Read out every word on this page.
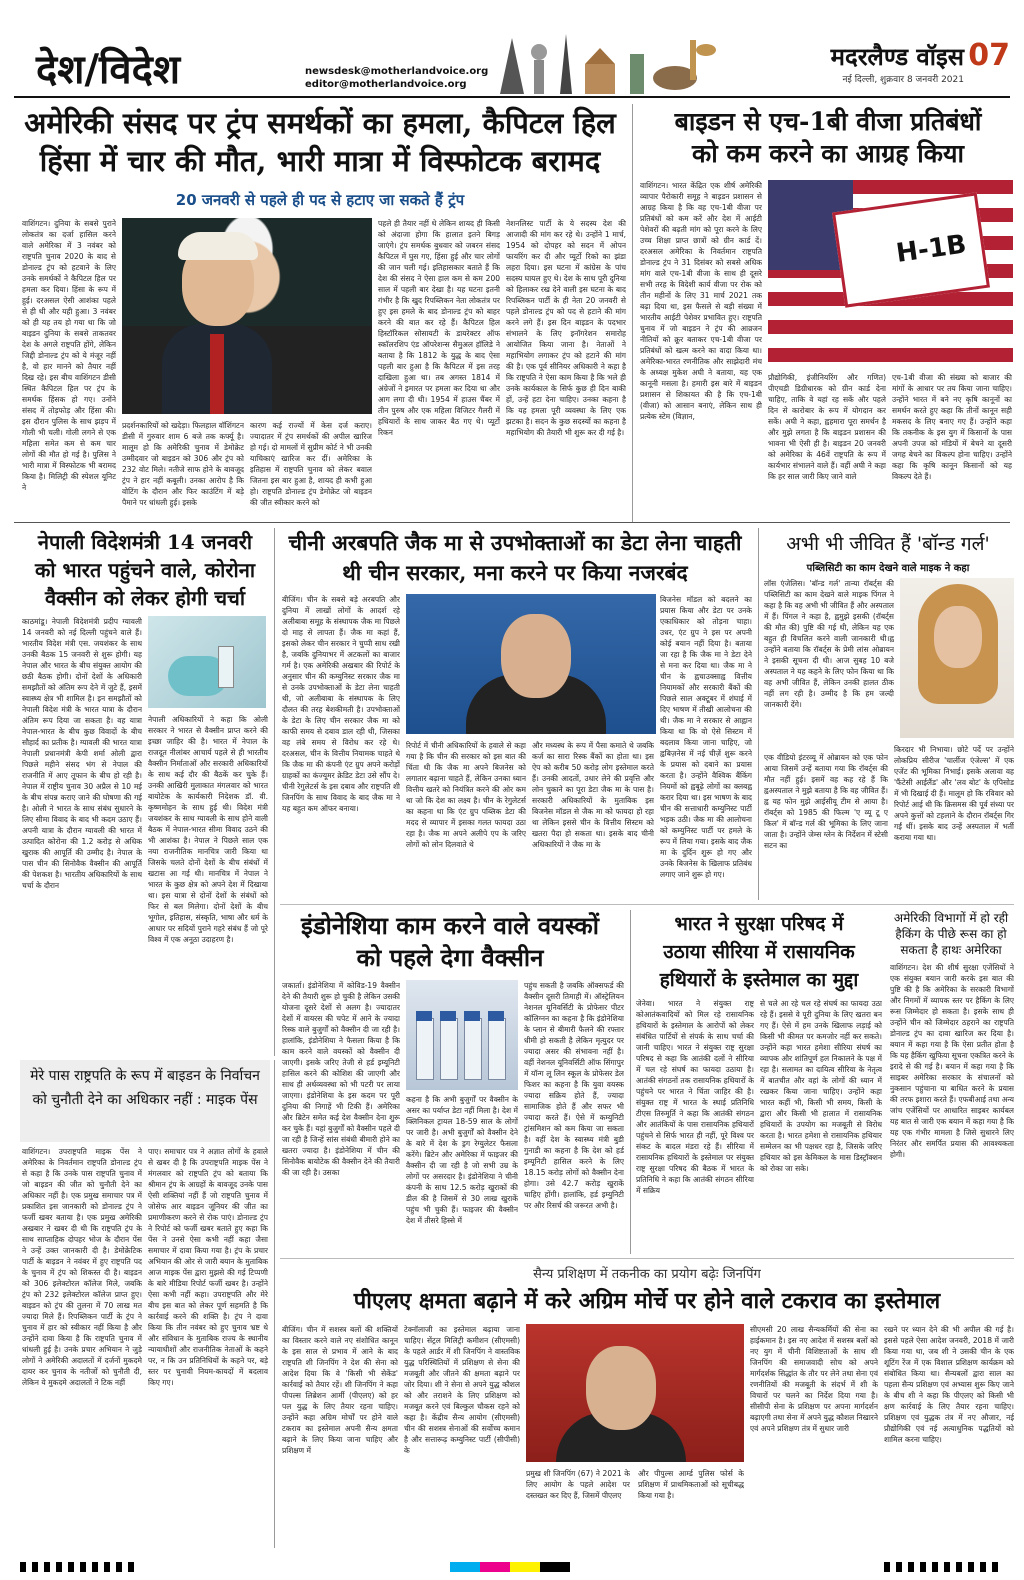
देश/विदेश	newsdesk@motherlandvoice.org
editor@motherlandvoice.org
मदरलैण्ड वॉइस 07
नई दिल्ली, शुक्रवार 8 जनवरी 2021
अमेरिकी संसद पर ट्रंप समर्थकों का हमला, कैपिटल हिल
हिंसा में चार की मौत, भारी मात्रा में विस्फोटक बरामद
20 जनवरी से पहले ही पद से हटाए जा सकते हैं ट्रंप
वाशिंगटन। दुनिया के सबसे पुराने लोकतंत्र का दर्जा हासिल करने वाले अमेरिका में 3 नवंबर को राष्ट्रपति चुनाव 2020 के बाद से डोनाल्ड ट्रंप को हटवाने के लिए उनके समर्थकों ने कैपिटल हिल पर हमला कर दिया। हिंसा के रूप में हुई। दरअसल ऐसी आशंका पहले से ही थी और यही हुआ। 3 नवंबर को ही यह तय हो गया था कि जो बाइडन दुनिया के सबसे ताकतवर देश के अगले राष्ट्रपति होंगे, लेकिन जिद्दी डोनाल्ड ट्रंप को ये मंजूर नहीं है, वो हार मानने को तैयार नहीं दिख रहे। इस बीच वाशिंगटन डीसी स्थित कैपिटल हिल पर ट्रंप के समर्थक हिंसक हो गए। उनोंने संसद में तोड़फोड़ और हिंसा की। इस दौरान पुलिस के साथ झड़प में गोली भी चली। गोली लगने से एक महिला समेत कम से कम चार लोगों की मौत हो गई है। पुलिस ने भारी मात्रा में विस्फोटक भी बरामद किया है। मिलिट्री की स्पेशल यूनिट ने
प्रदर्शनकारियों को खदेड़ा। फिलहाल वॉशिंगटन डीसी में गुरुवार शाम 6 बजे तक कर्फ्यू है। मालूम हो कि अमेरिकी चुनाव में डेमोक्रेट उम्मीदवार जो बाइडन को 306 और ट्रंप को 232 वोट मिले। नतीजे साफ होने के बावजूद ट्रंप ने हार नहीं कबूली। उनका आरोप है कि वोटिंग के दौरान और फिर काउंटिंग में बड़े पैमाने पर धांधली हुई। इसके
कारण कई राज्यों में केस दर्ज कराए। ज्यादातर में ट्रंप समर्थकों की अपील खारिज हो गई। दो मामलों में सुप्रीम कोर्ट ने भी उनकी याचिकाएं खारिज कर दीं। अमेरिका के इतिहास में राष्ट्रपति चुनाव को लेकर बवाल जितना इस बार हुआ है, शायद ही कभी हुआ हो। राष्ट्रपति डोनाल्ड ट्रंप डेमोक्रेट जो बाइडन की जीत स्वीकार करने को
पहले ही तैयार नहीं थे लेकिन शायद ही किसी को अंदाजा होगा कि हालात इतने बिगड़ जाएंगे। ट्रंप समर्थक बुधवार को जबरन संसद कैपिटल में घुस गए, हिंसा हुई और चार लोगों की जान चली गई। इतिहासकार बताते हैं कि देश की संसद ने ऐसा हाल कम से कम 200 साल में पहली बार देखा है। यह घटना इतनी गंभीर है कि खुद रिपब्लिकन नेता लोकतंत्र पर हुए इस हमले के बाद डोनाल्ड ट्रंप को बाहर करने की बात कर रहे हैं। कैपिटल हिल हिस्टॉरिकल सोसायटी के डायरेक्टर ऑफ स्कॉलरशिप एंड ऑपरेशन्स सैमुअल हॉलिडे ने बताया है कि 1812 के युद्ध के बाद ऐसा पहली बार हुआ है कि कैपिटल में इस तरह दाखिला हुआ था। तब अगस्त 1814 में अंग्रेजों ने इमारत पर हमला कर दिया था और आग लगा दी थी। 1954 में हाउस चैंबर में तीन पुरुष और एक महिला विजिटर गैलरी में हथियारों के साथ जाकर बैठ गए थे। प्यूर्टो रिकन
नेशनलिस्ट पार्टी के ये सदस्य देश की आजादी की मांग कर रहे थे। उन्होंने 1 मार्च, 1954 को दोपहर को सदन में ओपन फायरिंग कर दी और प्यूर्टो रिको का झंडा लहरा दिया। इस घटना में कांग्रेस के पांच सदस्य घायल हुए थे। देश के साथ पूरी दुनिया को हिलाकर रख देने वाली इस घटना के बाद रिपब्लिकन पार्टी के ही नेता 20 जनवरी से पहले डोनाल्ड ट्रंप को पद से हटाने की मांग करने लगे हैं। इस दिन बाइडन के पदभार संभालने के लिए इनॉगरेशन समारोह आयोजित किया जाना है। नेताओं ने महाभियोग लगाकर ट्रंप को हटाने की मांग की है। एक पूर्व सीनियर अधिकारी ने कहा है कि राष्ट्रपति ने ऐसा काम किया है कि भले ही उनके कार्यकाल के सिर्फ कुछ ही दिन बाकी हों, उन्हें हटा देना चाहिए। उनका कहना है कि यह हमला पूरी व्यवस्था के लिए एक झटका है। सदन के कुछ सदस्यों का कहना है महाभियोग की तैयारी भी शुरू कर दी गई है।
बाइडन से एच-1बी वीजा प्रतिबंधों
को कम करने का आग्रह किया
वाशिंगटन। भारत केंद्रित एक शीर्ष अमेरिकी व्यापार पैरोकारी समूह ने बाइडन प्रशासन से आग्रह किया है कि वह एच-1बी वीजा पर प्रतिबंधों को कम करें और देश में आईटी पेशेवरों की बढ़ती मांग को पूरा करने के लिए उच्च शिक्षा प्राप्त छात्रों को ग्रीन कार्ड दें। दरअसल अमेरिका के निवर्तमान राष्ट्रपति डोनाल्ड ट्रंप ने 31 दिसंबर को सबसे अधिक मांग वाले एच-1बी वीजा के साथ ही दूसरे सभी तरह के विदेशी कार्य वीजा पर रोक को तीन महीनों के लिए 31 मार्च 2021 तक बढ़ा दिया था, इस फैसले से बड़ी संख्या में भारतीय आईटी पेशेवर प्रभावित हुए। राष्ट्रपति चुनाव में जो बाइडन ने ट्रंप की आव्रजन नीतियों को क्रूर बताकर एच-1बी वीजा पर प्रतिबंधों को खत्म करने का वादा किया था। अमेरिका-भारत रणनीतिक और साझेदारी मंच के अध्यक्ष मुकेश अघी ने बताया, यह एक कानूनी मसला है। हमारी इस बारे में बाइडन प्रशासन से शिकायत की है कि एच-1बी (वीजा) को आसान बनाएं, लेकिन साथ ही प्रत्येक स्टेम (विज्ञान,
H-1B
प्रौद्योगिकी, इंजीनियरिंग और गणित) पीएचडी डिग्रीधारक को ग्रीन कार्ड देना चाहिए, ताकि वे यहां रह सकें और पहले दिन से कारोबार के रूप में योगदान कर सकें। अघी ने कहा, ह्वहमारा पूरा समर्थन है और मुझे लगता है कि बाइडन प्रशासन की भावना भी ऐसी ही है। बाइडन 20 जनवरी को अमेरिका के 46वें राष्ट्रपति के रूप में कार्यभार संभालने वाले हैं। वहीं अघी ने कहा कि हर साल जारी किए जाने वाले
एच-1बी वीजा की संख्या को बाजार की मांगों के आधार पर तय किया जाना चाहिए। उन्होंने भारत में बने नए कृषि कानूनों का समर्थन करते हुए कहा कि तीनों कानून सही मकसद के लिए बनाए गए हैं। उन्होंने कहा कि तकनीक के इस युग में किसानों के पास अपनी उपज को मंडियों में बेचने या दूसरी जगह बेचने का विकल्प होना चाहिए। उन्होंने कहा कि कृषि कानून किसानों को यह विकल्प देते हैं।
नेपाली विदेशमंत्री 14 जनवरी
को भारत पहुंचने वाले, कोरोना
वैक्सीन को लेकर होगी चर्चा
काठमांडू। नेपाली विदेशमंत्री प्रदीप ग्यावली 14 जनवरी को नई दिल्ली पहुंचने वाले हैं। भारतीय विदेश मंत्री एस. जयशंकर के साथ उनकी बैठक 15 जनवरी से शुरू होगी। यह नेपाल और भारत के बीच संयुक्त आयोग की छठी बैठक होगी। दोनों देशों के अधिकारी समझौतों को अंतिम रूप देने में जुटे हैं, इसमें स्वास्थ्य क्षेत्र भी शामिल है। इन समझौतों को नेपाली विदेश मंत्री के भारत यात्रा के दौरान अंतिम रूप दिया जा सकता है। वह यात्रा नेपाल-भारत के बीच कुछ विवादों के बीच सौहार्द का प्रतीक है। ग्यावली की भारत यात्रा नेपाली प्रधानमंत्री केपी शर्मा ओली द्वारा पिछले महीने संसद भंग से नेपाल की राजनीति में आए तूफान के बीच हो रही है। नेपाल में राष्ट्रीय चुनाव 30 अप्रैल से 10 मई के बीच संपन्न कराए जाने की घोषणा की गई है। ओली ने भारत के साथ संबंध सुधारने के लिए सीमा विवाद के बाद भी कदम उठाए हैं। अपनी यात्रा के दौरान ग्यावली की भारत में उत्पादित कोरोना की 1.2 करोड़ से अधिक खुराक की आपूर्ति की उम्मीद है। नेपाल के पास चीन की सिनोवैक वैक्सीन की आपूर्ति की पेशकश है। भारतीय अधिकारियों के साथ चर्चा के दौरान
नेपाली अधिकारियों ने कहा कि ओली सरकार ने भारत से वैक्सीन प्राप्त करने की इच्छा जाहिर की है। भारत में नेपाल के राजदूत नीलांबर आचार्य पहले से ही भारतीय वैक्सीन निर्माताओं और सरकारी अधिकारियों के साथ कई दौर की बैठकें कर चुके हैं। उनकी आखिरी मुलाकात मंगलवार को भारत बायोटेक के कार्यकारी निदेशक डॉ. वी. कृष्णमोहन के साथ हुई थी। विदेश मंत्री जयशंकर के साथ ग्यावली के साथ होने वाली बैठक में नेपाल-भारत सीमा विवाद उठने की भी आशंका है। नेपाल ने पिछले साल एक नया राजनीतिक मानचित्र जारी किया था जिसके चलते दोनों देशों के बीच संबंधों में खटास आ गई थी। मानचित्र में नेपाल ने भारत के कुछ क्षेत्र को अपने देश में दिखाया था। इस यात्रा से दोनों देशों के संबंधों को फिर से बल मिलेगा। दोनों देशों के बीच भूगोल, इतिहास, संस्कृति, भाषा और धर्म के आधार पर सदियों पुराने गहरे संबंध हैं जो पूरे विश्व में एक अनूठा उदाहरण है।
चीनी अरबपति जैक मा से उपभोक्ताओं का डेटा लेना चाहती
थी चीन सरकार, मना करने पर किया नजरबंद
बीजिंग। चीन के सबसे बड़े अरबपति और दुनिया में लाखों लोगों के आदर्श रहे अलीबाबा समूह के संस्थापक जैक मा पिछले दो माह से लापता हैं। जैक मा कहां हैं, इसको लेकर चीन सरकार ने चुप्पी साध रखी है, जबकि दुनियाभर में अटकलों का बाजार गर्म है। एक अमेरिकी अखबार की रिपोर्ट के अनुसार चीन की कम्युनिस्ट सरकार जैक मा से उनके उपभोक्ताओं के डेटा लेना चाहती थी, जो अलीबाबा के संस्थापक के लिए दौलत की तरह बेशकीमती है। उपभोक्ताओं के डेटा के लिए चीन सरकार जैक मा को काफी समय से दबाव डाल रही थी, जिसका वह लंबे समय से विरोध कर रहे थे। दरअसल, चीन के वित्तीय नियामक चाहते थे कि जैक मा की कंपनी एंट ग्रुप अपने करोड़ों ग्राहकों का कंज्यूमर क्रेडिट डेटा उसे सौंप दे। चीनी रेगुलेटर्स के इस दबाव और राष्ट्रपति शी जिनपिंग के साथ विवाद के बाद जैक मा ने यह बहुत कम ऑफर बनाया।
रिपोर्ट में चीनी अधिकारियों के हवाले से कहा गया है कि चीन की सरकार को इस बात की चिंता थी कि जैक मा अपने बिजनेस को लगातार बढ़ाना चाहते हैं, लेकिन उनका ध्यान वित्तीय खतरे को नियंत्रित करने की ओर कम था जो कि देश का लक्ष्य है। चीन के रेगुलेटर्स का कहना था कि एंट ग्रुप पब्लिक डेटा की मदद से व्यापार में इसका गलत फायदा उठा रहा है। जैक मा अपने अलीपे एप के जरिए लोगों को लोन दिलवाते थे
और मध्यस्थ के रूप में पैसा कमाते थे जबकि कर्ज का सारा रिस्क बैंकों का होता था। इस ऐप को करीब 50 करोड़ लोग इस्तेमाल करते हैं। उनकी आदतों, उधार लेने की प्रवृत्ति और लोन चुकाने का पूरा डेटा जैक मा के पास है। सरकारी अधिकारियों के मुताबिक इस बिजनेस मॉडल से जैक मा को फायदा हो रहा था लेकिन इससे चीन के वित्तीय सिस्टम को खतरा पैदा हो सकता था। इसके बाद चीनी अधिकारियों ने जैक मा के
बिजनेस मॉडल को बदलने का प्रयास किया और डेटा पर उनके एकाधिकार को तोड़ना चाहा। उधर, एंट ग्रुप ने इस पर अपनी कोई बयान नहीं दिया है। बताया जा रहा है कि जैक मा ने डेटा देने से मना कर दिया था। जैक मा ने चीन के ह्वचाउक्साह्व वित्तीय नियामकों और सरकारी बैंकों की पिछले साल अक्टूबर में शंघाई में दिए भाषण में तीखी आलोचना की थी। जैक मा ने सरकार से आह्वान किया था कि वो ऐसे सिस्टम में बदलाव किया जाना चाहिए, जो ह्वबिज़नेस में नई चीज़ें शुरू करने के प्रयास को दबाने का प्रयास करता है। उन्होंने वैश्विक बैंकिंग नियमों को ह्वबूढ़े लोगों का क्लबह्व करार दिया था। इस भाषण के बाद चीन की सत्ताधारी कम्युनिस्ट पार्टी भड़क उठी। जैक मा की आलोचना को कम्युनिस्ट पार्टी पर हमले के रूप में लिया गया। इसके बाद जैक मा के दुर्दिन शुरू हो गए और उनके बिजनेस के खिलाफ प्रतिबंध लगाए जाने शुरू हो गए।
अभी भी जीवित हैं 'बॉन्ड गर्ल'
पब्लिसिटी का काम देखने वाले माइक ने कहा
लॉस एंजेलिस। 'बॉन्ड गर्ल' तान्या रॉबर्ट्स की पब्लिसिटी का काम देखने वाले माइक पिंगल ने कहा है कि वह अभी भी जीवित हैं और अस्पताल में हैं। पिंगल ने कहा है, ह्वमुझे इसकी (रॉबर्ट्स की मौत की) पुष्टि की गई थी, लेकिन यह एक बहुत ही विचलित करने वाली जानकारी थी।ह्व उन्होंने बताया कि रॉबर्ट्स के प्रेमी लांस ओब्रायन ने इसकी सूचना दी थी। आज सुबह 10 बजे अस्पताल ने यह कहने के लिए फोन किया था कि वह अभी जीवित हैं, लेकिन उनकी हालत ठीक नहीं लग रही है। उम्मीद है कि हम जल्दी जानकारी देंगे।
एक वीडियो इंटरव्यू में ओब्रायन को एक फोन आया जिसमें उन्हें बताया गया कि रॉबर्ट्स की मौत नहीं हुई। इसमें वह कह रहे हैं कि ह्वअस्पताल ने मुझे बताया है कि वह जीवित हैं।ह्व यह फोन मुझे आईसीयू टीम से आया है। रॉबर्ट्स को 1985 की फिल्म 'ए व्यू टू ए किल' में बॉन्ड गर्ल की भूमिका के लिए जाना जाता है। उन्होंने जेम्स ग्लेन के निर्देशन में स्टेसी सटन का
किरदार भी निभाया। छोटे पर्दे पर उन्होंने लोकप्रिय सीरीज 'चार्लीज एंजेल्स' में एक एजेंट की भूमिका निभाई। इसके अलावा वह 'फैंटेसी आईलैंड' और 'लव बोट' के एपिसोड में भी दिखाई दी हैं। मालूम हो कि रविवार को रिपोर्ट आई थी कि क्रिसमस की पूर्व संध्या पर अपने कुत्तों को टहलाने के दौरान रॉबर्ट्स गिर गईं थीं। इसके बाद उन्हें अस्पताल में भर्ती कराया गया था।
इंडोनेशिया काम करने वाले वयस्कों
को पहले देगा वैक्सीन
जकार्ता। इंडोनेशिया में कोविड-19 वैक्सीन देने की तैयारी शुरू हो चुकी है लेकिन उसकी योजना दूसरे देशों से अलग है। ज्यादातर देशों में वायरस की चपेट में आने के ज्यादा रिस्क वाले बुजुर्गों को वैक्सीन दी जा रही है। हालांकि, इंडोनेशिया ने फैसला किया है कि काम करने वाले वयस्कों को वैक्सीन दी जाएगी। इसके जरिए तेजी से हर्ड इम्यूनिटी हासिल करने की कोशिश की जाएगी और साथ ही अर्थव्यवस्था को भी पटरी पर लाया जाएगा। इंडोनेशिया के इस कदम पर पूरी दुनिया की निगाहें भी टिकी हैं। अमेरिका और ब्रिटेन समेत कई देश वैक्सीन देना शुरू कर चुके हैं। यहां बुजुर्गों को वैक्सीन पहले दी जा रही है जिन्हें सांस संबंधी बीमारी होने का खतरा ज्यादा है। इंडोनेशिया में चीन की सिनोवैक बायोटेक की वैक्सीन देने की तैयारी की जा रही है। उसका
कहना है कि अभी बुजुर्गों पर वैक्सीन के असर का पर्याप्त डेटा नहीं मिला है। देश में क्लिनिकल ट्रायल 18-59 साल के लोगों पर जारी है। अभी बुजुर्गों को वैक्सीन देने के बारे में देश के ड्रग रेग्युलेटर फैसला करेंगे। ब्रिटेन और अमेरिका में फाइजर की वैक्सीन दी जा रही है जो सभी उम्र के लोगों पर असरदार है। इंडोनेशिया ने चीनी कंपनी के साथ 12.5 करोड़ खुराकों की डील की है जिसमें से 30 लाख खुराकें पहुंच भी चुकी हैं। फाइजर की वैक्सीन देश में तीसरे हिस्से में
पहुंच सकती है जबकि ऑक्सफर्ड की वैक्सीन दूसरी तिमाही में। ऑस्ट्रेलियन नेशनल यूनिवर्सिटी के प्रोफेसर पीटर कॉलिग्नन का कहना है कि इंडोनेशिया के प्लान से बीमारी फैलने की रफ्तार धीमी हो सकती है लेकिन मृत्युदर पर ज्यादा असर की संभावना नहीं है। वहीं नेशनल यूनिवर्सिटी ऑफ सिंगापुर में यॉन्ग लू लिन स्कूल के प्रोफेसर डेल फिशर का कहना है कि युवा वयस्क ज्यादा सक्रिय होते हैं, ज्यादा सामाजिक होते हैं और सफर भी ज्यादा करते हैं। ऐसे में कम्युनिटी ट्रांसमिशन को कम किया जा सकता है। वहीं देश के स्वास्थ्य मंत्री बुडी गुनाडी का कहना है कि देश को हर्ड इम्यूनिटी हासिल करने के लिए 18.15 करोड़ लोगों को वैक्सीन देना होगा। उसे 42.7 करोड़ खुराकें चाहिए होंगी। हालांकि, हर्ड इम्युनिटी पर और रिसर्च की जरूरत अभी है।
भारत ने सुरक्षा परिषद में
उठाया सीरिया में रासायनिक
हथियारों के इस्तेमाल का मुद्दा
जेनेवा। भारत ने संयुक्त राष्ट्र कोआतंकवादियों को मिल रहे रासायनिक हथियारों के इस्तेमाल के आरोपों को लेकर संबंधित पार्टियों से संपर्क के साथ चर्चा की जानी चाहिए। भारत ने संयुक्त राष्ट्र सुरक्षा परिषद से कहा कि आतंकी दलों ने सीरिया में चल रहे संघर्ष का फायदा उठाया है। आतंकी संगठनों तक रासायनिक हथियारों के पहुंचने पर भारत ने चिंता जाहिर की है। संयुक्त राष्ट्र में भारत के स्थाई प्रतिनिधि टीएस तिरुमूर्ति ने कहा कि आतंकी संगठन और आतंकियों के पास रासायनिक हथियारों पहुंचने से सिर्फ भारत ही नहीं, पूरे विश्व पर संकट के बादल मंडरा रहे हैं। सीरिया में रासायनिक हथियारों के इस्तेमाल पर संयुक्त राष्ट्र सुरक्षा परिषद की बैठक में भारत के प्रतिनिधि ने कहा कि आतंकी संगठन सीरिया में सक्रिय
से चले आ रहे चल रहे संघर्ष का फायदा उठा रहे हैं। इससे वे पूरी दुनिया के लिए खतरा बन गए हैं। ऐसे में हम उनके खिलाफ लड़ाई को किसी भी कीमत पर कमजोर नहीं कर सकते। उन्होंने कहा भारत हमेशा सीरिया संघर्ष का व्यापक और शांतिपूर्ण हल निकालने के पक्ष में रहा है। सलामत का दायित्व सीरिया के नेतृत्व में बातचीत और वहां के लोगों की ध्यान में रखकर किया जाना चाहिए। उन्होंने कहा भारत कहीं भी, किसी भी समय, किसी के द्वारा और किसी भी हालात में रासायनिक हथियारों के उपयोग का मजबूती से विरोध करता है। भारत हमेशा से रासायनिक हथियार सम्मेलन का भी पक्षधर रहा है, जिसके जरिए हथियार को इस केमिकल के मास डिस्ट्रॉक्शन को रोका जा सके।
अमेरिकी विभागों में हो रही
हैकिंग के पीछे रूस का हो
सकता है हाथः अमेरिका
वाशिंगटन। देश की शीर्ष सुरक्षा एजेंसियों ने एक संयुक्त बयान जारी करके इस बात की पुष्टि की है कि अमेरिका के सरकारी विभागों और निगमों में व्यापक स्तर पर हैकिंग के लिए रूस जिम्मेदार हो सकता है। इसके साथ ही उन्होंने चीन को जिम्मेदार ठहराने का राष्ट्रपति डोनाल्ड ट्रंप का दावा खारिज कर दिया है। बयान में कहा गया है कि ऐसा प्रतीत होता है कि यह हैकिंग खुफिया सूचना एकत्रित करने के इरादे से की गई है। बयान में कहा गया है कि साइबर अमेरिका सरकार के संचालनों को नुकसान पहुंचाना या बाधित करने के प्रयास की तरफ इशारा करते हैं। एफबीआई तथा अन्य जांच एजेंसियों पर आधारित साइबर कार्यबल यह बात से जारी एक बयान में कहा गया है कि यह एक गंभीर मामला है जिसे सुधारने लिए निरंतर और समर्पित प्रयास की आवश्यकता होगी।
मेरे पास राष्ट्रपति के रूप में बाइडन के निर्वाचन को चुनौती देने का अधिकार नहीं : माइक पेंस
वाशिंगटन। उपराष्ट्रपति माइक पेंस ने अमेरिका के निवर्तमान राष्ट्रपति डोनाल्ड ट्रंप से कहा है कि उनके पास राष्ट्रपति चुनाव में जो बाइडन की जीत को चुनौती देने का अधिकार नहीं है। एक प्रमुख समाचार पत्र में प्रकाशित इस जानकारी को डोनाल्ड ट्रंप ने फर्जी खबर बताया है। एक प्रमुख अमेरिकी अखबार ने खबर दी थी कि राष्ट्रपति ट्रंप के साथ साप्ताहिक दोपहर भोज के दौरान पेंस ने उन्हें उक्त जानकारी दी है। डेमोक्रेटिक पार्टी के बाइडन ने नवंबर में हुए राष्ट्रपति पद के चुनाव में ट्रंप को शिकस्त दी है। बाइडन को 306 इलेक्टोरल कॉलेज मिले, जबकि ट्रंप को 232 इलेक्टोरल कॉलेज प्राप्त हुए। बाइडन को ट्रंप की तुलना में 70 लाख मत ज्यादा मिले हैं। रिपब्लिकन पार्टी के ट्रंप ने चुनाव में हार को स्वीकार नहीं किया है और उन्होंने दावा किया है कि राष्ट्रपति चुनाव में धांधली हुई है। उनके प्रचार अभियान ने जुड़े लोगों ने अमेरिकी अदालतों में दर्जनों मुकदमे दायर कर चुनाव के नतीजों को चुनौती दी, लेकिन ये मुकदमे अदालतों ने टिक नहीं
पाए। समाचार पत्र ने अज्ञात लोगों के हवाले से खबर दी है कि उपराष्ट्रपति माइक पेंस ने मंगलवार को राष्ट्रपति ट्रंप को बताया कि श्रीमान ट्रंप के आग्रहों के बावजूद उनके पास ऐसी शक्तियां नहीं हैं जो राष्ट्रपति चुनाव में जोसेफ आर बाइडन जूनियर की जीत का प्रमाणीकरण करने से रोक पाएं। डोनाल्ड ट्रंप ने रिपोर्ट को फर्जी खबर बताते हुए कहा कि पेंस ने उनसे ऐसा कभी नहीं कहा जैसा समाचार में दावा किया गया है। ट्रंप के प्रचार अभियान की ओर से जारी बयान के मुताबिक आज माइक पेंस द्वारा मुझसे की गई टिप्पणी के बारे मीडिया रिपोर्ट फर्जी खबर है। उन्होंने ऐसा कभी नहीं कहा। उपराष्ट्रपति और मेरे बीच इस बात को लेकर पूर्ण सहमति है कि कार्रवाई करने की शक्ति है। ट्रंप ने दावा किया कि तीन नवंबर को हुए चुनाव भ्रष्ट थे और संविधान के मुताबिक राज्य के स्थानीय न्यायाधीशों और राजनीतिक नेताओं के कहने पर, न कि उन प्रतिनिधियों के कहने पर, बड़े स्तर पर चुनावी नियम-कायदों में बदलाव किए गए।
सैन्य प्रशिक्षण में तकनीक का प्रयोग बढ़ेः जिनपिंग
पीएलए क्षमता बढ़ाने में करे अग्रिम मोर्चे पर होने वाले टकराव का इस्तेमाल
बीजिंग। चीन में सशस्त्र बलों की शक्तियों का विस्तार करने वाले नए संशोधित कानून के इस साल से प्रभाव में आने के बाद राष्ट्रपति शी जिनपिंग ने देश की सेना को आदेश दिया कि वे 'किसी भी सेकेंड' कार्रवाई को तैयार रहें। शी जिनपिंग ने कहा पीपल्स लिब्रेशन आर्मी (पीएलए) को हर पल युद्ध के लिए तैयार रहना चाहिए। उन्होंने कहा अग्रिम मोर्चों पर होने वाले टकराव का इस्तेमाल अपनी सैन्य क्षमता बढ़ाने के लिए किया जाना चाहिए और प्रशिक्षण में
टेक्नॉलाजी का इस्तेमाल बढ़ाया जाना चाहिए। सेंट्रल मिलिट्री कमीशन (सीएमसी) के पहले आर्डर में शी जिनपिंग ने वास्तविक युद्ध परिस्थितियों में प्रशिक्षण से सेना की मजबूती और जीतने की क्षमता बढ़ाने पर जोर दिया। शी ने सेना से अपने युद्ध कौशल को और तराशने के लिए प्रशिक्षण को मजबूत करने एवं बिल्कुल चौकस रहने को कहा है। केंद्रीय सैन्य आयोग (सीएमसी) चीन की सशस्त्र सेनाओं की सर्वोच्च कमान है और सत्तारूढ़ कम्युनिस्ट पार्टी (सीपीसी) के
प्रमुख शी जिनपिंग (67) ने 2021 के लिए आयोग के पहले आदेश पर दस्तखत कर दिए हैं, जिसमें पीएलए
और पीपुल्स आर्म्ड पुलिस फोर्स के प्रशिक्षण में प्राथमिकताओं को सूचीबद्ध किया गया है।
सीएमसी 20 लाख सैन्यकर्मियों की सेना का हाईकमान है। इस नए आदेश में सशस्त्र बलों को नए युग में चीनी विशिष्टताओं के साथ शी जिनपिंग की समाजवादी सोच को अपने मार्गदर्शक सिद्धांत के तौर पर लेने तथा सेना एवं रणनीतियों की मजबूती के संदर्भ में शी के विचारों पर चलने का निर्देश दिया गया है। सीसीपी सेना के प्रशिक्षण पर अपना मार्गदर्शन बढ़ाएगी तथा सेना में अपने युद्ध कौशल निखारने एवं अपने प्रशिक्षण तंत्र में सुधार जारी
रखने पर ध्यान देने की भी अपील की गई है। इससे पहले ऐसा आदेश जनवरी, 2018 में जारी किया गया था, जब शी ने उसकी चीन के एक शूटिंग रेंज में एक विशाल प्रशिक्षण कार्यक्रम को संबोधित किया था। सैन्यबलों द्वारा साल का पहला सैन्य प्रशिक्षण एवं अभ्यास शुरू किए जाने के बीच शी ने कहा कि पीएलए को किसी भी क्षण कार्रवाई के लिए तैयार रहना चाहिए। प्रशिक्षण एवं युद्धक तंत्र में नए औजार, नई प्रौद्योगिकी एवं नई अत्याधुनिक पद्धतियों को शामिल करना चाहिए।
